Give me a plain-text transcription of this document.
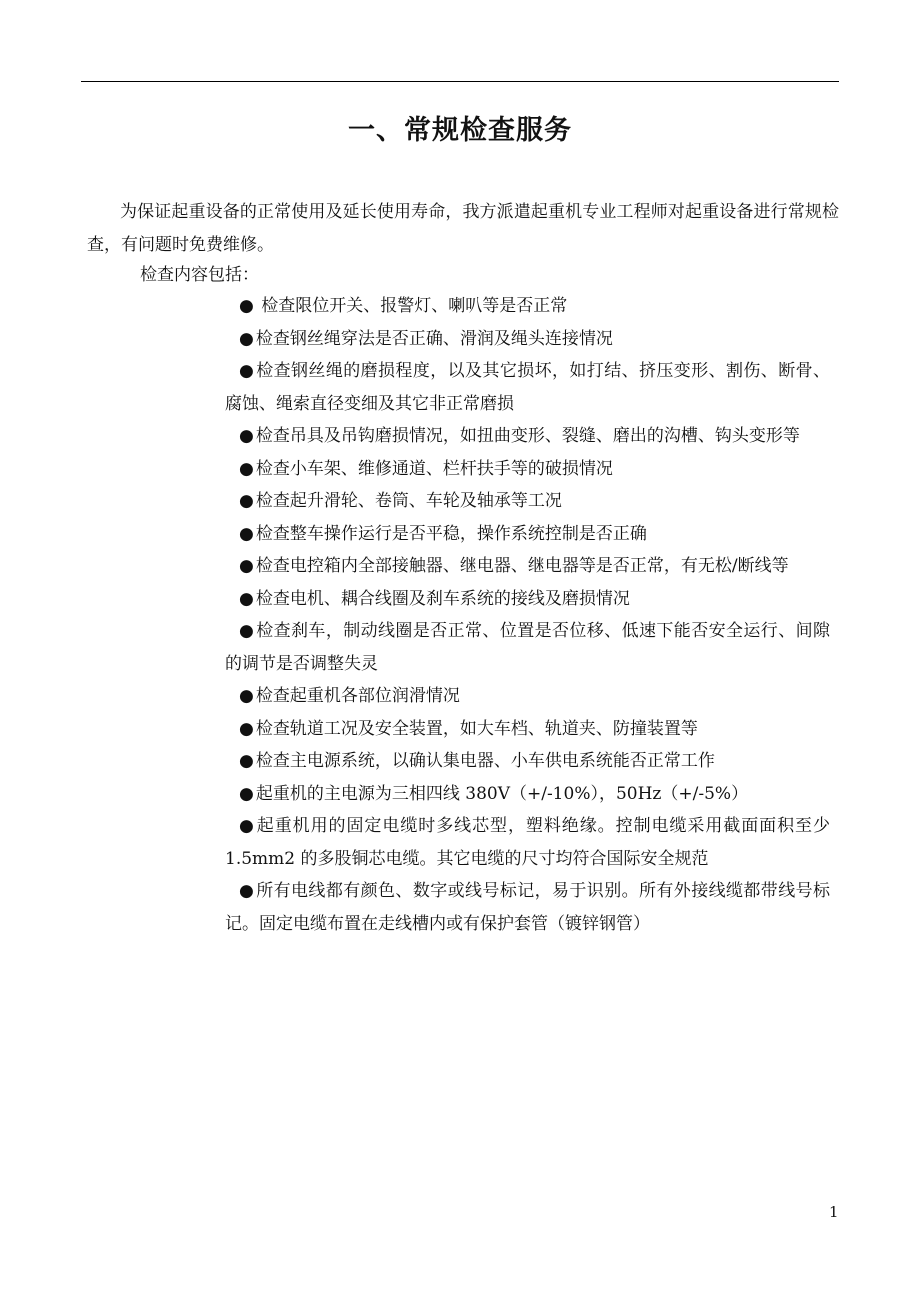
一、常规检查服务

为保证起重设备的正常使用及延长使用寿命，我方派遣起重机专业工程师对起重设备进行常规检查，有问题时免费维修。

检查内容包括：

● 检查限位开关、报警灯、喇叭等是否正常
● 检查钢丝绳穿法是否正确、滑润及绳头连接情况
● 检查钢丝绳的磨损程度，以及其它损坏，如打结、挤压变形、割伤、断骨、腐蚀、绳索直径变细及其它非正常磨损
● 检查吊具及吊钩磨损情况，如扭曲变形、裂缝、磨出的沟槽、钩头变形等
● 检查小车架、维修通道、栏杆扶手等的破损情况
● 检查起升滑轮、卷筒、车轮及轴承等工况
● 检查整车操作运行是否平稳，操作系统控制是否正确
● 检查电控箱内全部接触器、继电器、继电器等是否正常，有无松/断线等
● 检查电机、耦合线圈及刹车系统的接线及磨损情况
● 检查刹车，制动线圈是否正常、位置是否位移、低速下能否安全运行、间隙的调节是否调整失灵
● 检查起重机各部位润滑情况
● 检查轨道工况及安全装置，如大车档、轨道夹、防撞装置等
● 检查主电源系统，以确认集电器、小车供电系统能否正常工作
● 起重机的主电源为三相四线 380V（+/-10%），50Hz（+/-5%）
● 起重机用的固定电缆时多线芯型，塑料绝缘。控制电缆采用截面面积至少 1.5mm2 的多股铜芯电缆。其它电缆的尺寸均符合国际安全规范
● 所有电线都有颜色、数字或线号标记，易于识别。所有外接线缆都带线号标记。固定电缆布置在走线槽内或有保护套管（镀锌钢管）
1
